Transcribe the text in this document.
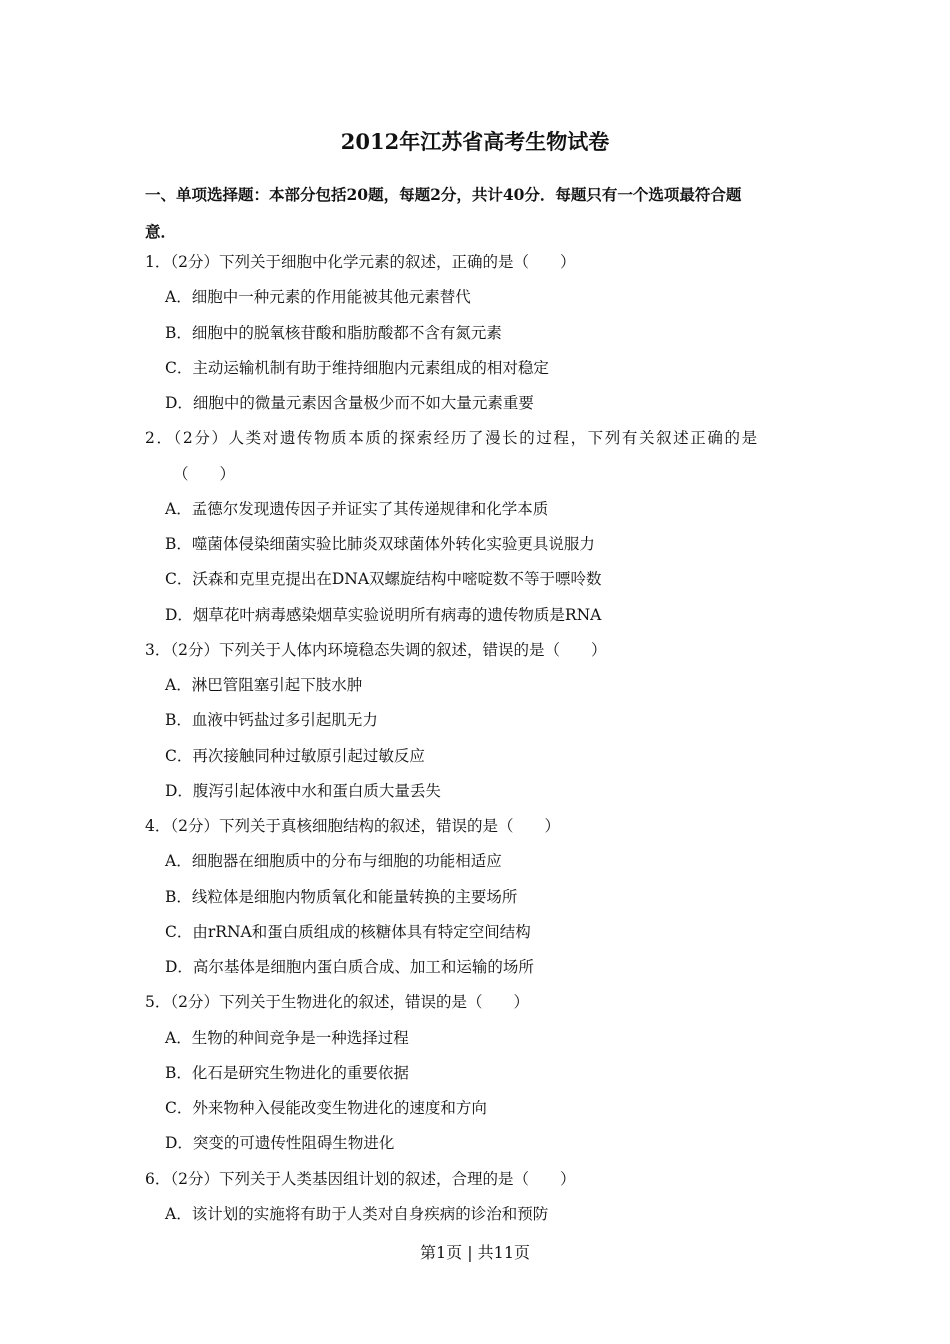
2012年江苏省高考生物试卷
一、单项选择题：本部分包括20题，每题2分，共计40分．每题只有一个选项最符合题
意．
1．（2分）下列关于细胞中化学元素的叙述，正确的是（　　）
A．细胞中一种元素的作用能被其他元素替代
B．细胞中的脱氧核苷酸和脂肪酸都不含有氮元素
C．主动运输机制有助于维持细胞内元素组成的相对稳定
D．细胞中的微量元素因含量极少而不如大量元素重要
2．（2分）人类对遗传物质本质的探索经历了漫长的过程，下列有关叙述正确的是
（　　）
A．孟德尔发现遗传因子并证实了其传递规律和化学本质
B．噬菌体侵染细菌实验比肺炎双球菌体外转化实验更具说服力
C．沃森和克里克提出在DNA双螺旋结构中嘧啶数不等于嘌呤数
D．烟草花叶病毒感染烟草实验说明所有病毒的遗传物质是RNA
3．（2分）下列关于人体内环境稳态失调的叙述，错误的是（　　）
A．淋巴管阻塞引起下肢水肿
B．血液中钙盐过多引起肌无力
C．再次接触同种过敏原引起过敏反应
D．腹泻引起体液中水和蛋白质大量丢失
4．（2分）下列关于真核细胞结构的叙述，错误的是（　　）
A．细胞器在细胞质中的分布与细胞的功能相适应
B．线粒体是细胞内物质氧化和能量转换的主要场所
C．由rRNA和蛋白质组成的核糖体具有特定空间结构
D．高尔基体是细胞内蛋白质合成、加工和运输的场所
5．（2分）下列关于生物进化的叙述，错误的是（　　）
A．生物的种间竞争是一种选择过程
B．化石是研究生物进化的重要依据
C．外来物种入侵能改变生物进化的速度和方向
D．突变的可遗传性阻碍生物进化
6．（2分）下列关于人类基因组计划的叙述，合理的是（　　）
A．该计划的实施将有助于人类对自身疾病的诊治和预防
第1页 | 共11页
